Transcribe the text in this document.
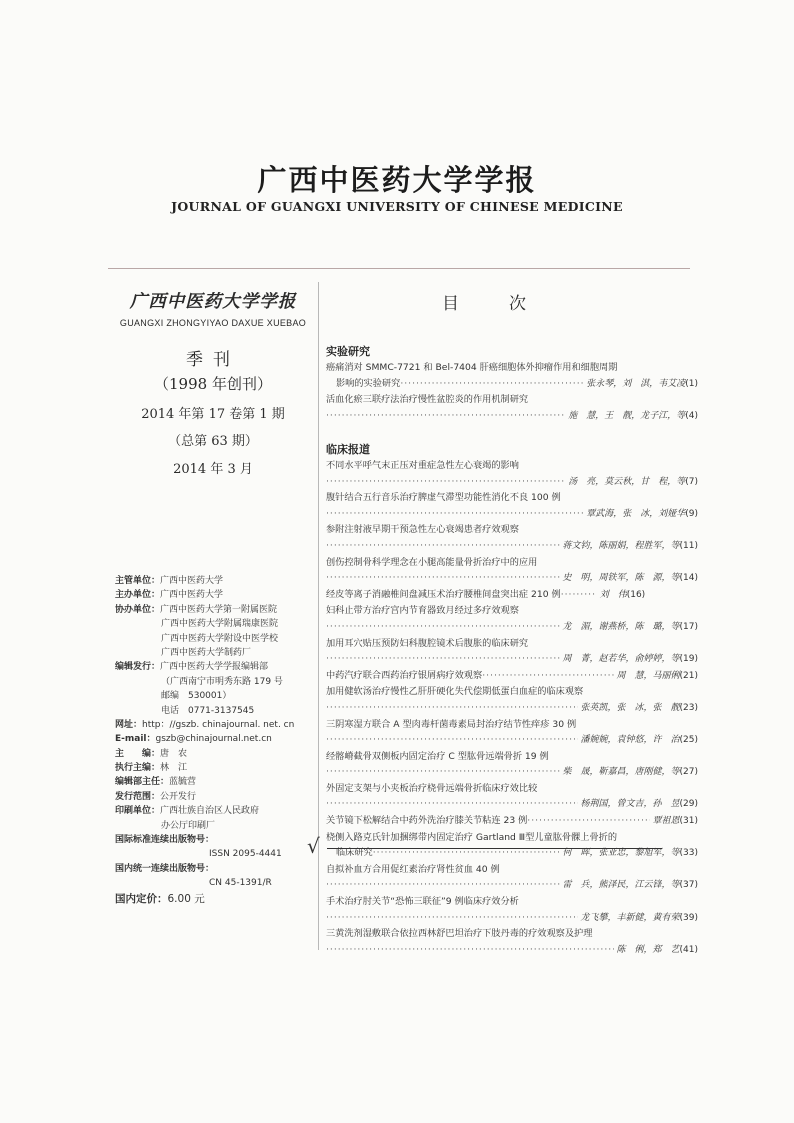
广西中医药大学学报
JOURNAL OF GUANGXI UNIVERSITY OF CHINESE MEDICINE
广西中医药大学学报
GUANGXI ZHONGYIYAO DAXUE XUEBAO
季刊
（1998 年创刊）
2014 年第 17 卷第 1 期
（总第 63 期）
2014 年 3 月
主管单位：广西中医药大学
主办单位：广西中医药大学
协办单位：广西中医药大学第一附属医院
广西中医药大学附属瑞康医院
广西中医药大学附设中医学校
广西中医药大学制药厂
编辑发行：广西中医药大学学报编辑部
（广西南宁市明秀东路 179 号
邮编　530001）
电话　0771-3137545
网址：http：//gszb. chinajournal. net. cn
E-mail：gszb@chinajournal.net.cn
主　　编：唐　农
执行主编：林　江
编辑部主任：蓝毓营
发行范围：公开发行
印刷单位：广西壮族自治区人民政府
办公厅印刷厂
国际标准连续出版物号：
ISSN 2095-4441
国内统一连续出版物号：
CN 45-1391/R
国内定价：6.00 元
目次
实验研究
癌痛消对 SMMC-7721 和 Bel-7404 肝癌细胞体外抑瘤作用和细胞周期
影响的实验研究 ·····	张永琴，刘　淇，韦艾凌 (1)
活血化瘀三联疗法治疗慢性盆腔炎的作用机制研究
·····
施　慧，王　靓，龙子江，等 (4)
临床报道
不同水平呼气末正压对重症急性左心衰竭的影响
·····
汤　亮，莫云秋，甘　程，等 (7)
腹针结合五行音乐治疗脾虚气滞型功能性消化不良 100 例
·····
覃武海，张　冰，刘娅华 (9)
参附注射液早期干预急性左心衰竭患者疗效观察
·····
蒋文钧，陈丽娟，程胜军，等 (11)
创伤控制骨科学理念在小腿高能量骨折治疗中的应用
·····
史　明，周铁军，陈　源，等 (14)
经皮等离子消融椎间盘减压术治疗腰椎间盘突出症 210 例 ·····	刘　伟 (16)
妇科止带方治疗宫内节育器致月经过多疗效观察
·····
龙　湄，谢燕桥，陈　璐，等 (17)
加用耳穴贴压预防妇科腹腔镜术后腹胀的临床研究
·····
周　菁，赵若华，俞婷婷，等 (19)
中药汽疗联合西药治疗银屑病疗效观察 ·····	周　慧，马丽俐 (21)
加用健软汤治疗慢性乙肝肝硬化失代偿期低蛋白血症的临床观察
·····
张英凯，张　冰，张　靓 (23)
三阴寒湿方联合 A 型肉毒杆菌毒素局封治疗结节性痒疹 30 例
·····
潘婉婉，袁钟悠，许　治 (25)
经髂嵴截骨双侧板内固定治疗 C 型肱骨远端骨折 19 例
·····
柴　晟，靳嘉昌，唐刚健，等 (27)
外固定支架与小夹板治疗桡骨远端骨折临床疗效比较
·····
杨荆国，曾文吉，孙　昱 (29)
关节镜下松解结合中药外洗治疗膝关节粘连 23 例 ·····	覃祖恩 (31)
桡侧入路克氏针加捆绑带内固定治疗 Gartland Ⅲ型儿童肱骨髁上骨折的
临床研究 ·····	何　晖，张亚忠，黎旭军，等 (33)
自拟补血方合用促红素治疗肾性贫血 40 例
·····
雷　兵，熊泽民，江云锋，等 (37)
手术治疗肘关节“恐怖三联征”9 例临床疗效分析
·····
龙飞攀，丰新健，黄有荣 (39)
三黄洗剂湿敷联合依拉西林舒巴坦治疗下肢丹毒的疗效观察及护理
·····
陈　俐，郑　艺 (41)
√
